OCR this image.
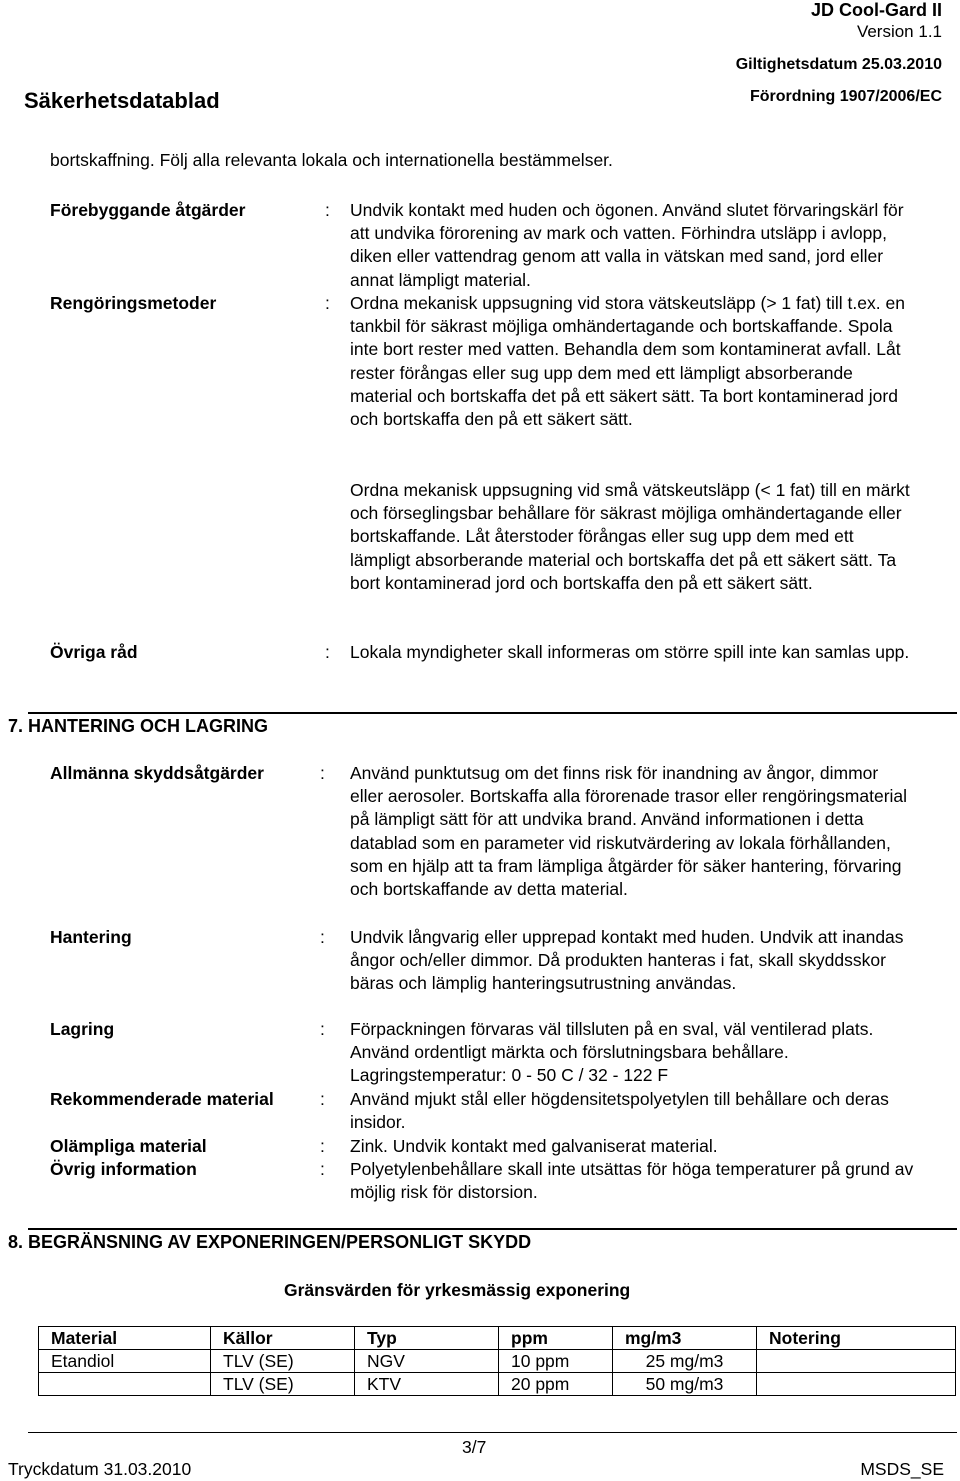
JD Cool-Gard II
Version 1.1
Giltighetsdatum 25.03.2010
Säkerhetsdatablad	Förordning 1907/2006/EC
bortskaffning. Följ alla relevanta lokala och internationella bestämmelser.
Förebyggande åtgärder	: Undvik kontakt med huden och ögonen. Använd slutet förvaringskärl för att undvika förorening av mark och vatten. Förhindra utsläpp i avlopp, diken eller vattendrag genom att valla in vätskan med sand, jord eller annat lämpligt material.
Rengöringsmetoder	: Ordna mekanisk uppsugning vid stora vätskeutsläpp (> 1 fat) till t.ex. en tankbil för säkrast möjliga omhändertagande och bortskaffande. Spola inte bort rester med vatten. Behandla dem som kontaminerat avfall. Låt rester förångas eller sug upp dem med ett lämpligt absorberande material och bortskaffa det på ett säkert sätt. Ta bort kontaminerad jord och bortskaffa den på ett säkert sätt.
Ordna mekanisk uppsugning vid små vätskeutsläpp (< 1 fat) till en märkt och förseglingsbar behållare för säkrast möjliga omhändertagande eller bortskaffande. Låt återstoder förångas eller sug upp dem med ett lämpligt absorberande material och bortskaffa det på ett säkert sätt. Ta bort kontaminerad jord och bortskaffa den på ett säkert sätt.
Övriga råd	: Lokala myndigheter skall informeras om större spill inte kan samlas upp.
7. HANTERING OCH LAGRING
Allmänna skyddsåtgärder	: Använd punktutsug om det finns risk för inandning av ångor, dimmor eller aerosoler. Bortskaffa alla förorenade trasor eller rengöringsmaterial på lämpligt sätt för att undvika brand. Använd informationen i detta datablad som en parameter vid riskutvärdering av lokala förhållanden, som en hjälp att ta fram lämpliga åtgärder för säker hantering, förvaring och bortskaffande av detta material.
Hantering	: Undvik långvarig eller upprepad kontakt med huden. Undvik att inandas ångor och/eller dimmor. Då produkten hanteras i fat, skall skyddsskor bäras och lämplig hanteringsutrustning användas.
Lagring	: Förpackningen förvaras väl tillsluten på en sval, väl ventilerad plats. Använd ordentligt märkta och förslutningsbara behållare. Lagringstemperatur: 0 - 50 C / 32 - 122 F
Rekommenderade material	: Använd mjukt stål eller högdensitetspolyetylen till behållare och deras insidor.
Olämpliga material	: Zink. Undvik kontakt med galvaniserat material.
Övrig information	: Polyetylenbehållare skall inte utsättas för höga temperaturer på grund av möjlig risk för distorsion.
8. BEGRÄNSNING AV EXPONERINGEN/PERSONLIGT SKYDD
Gränsvärden för yrkesmässig exponering
Material	Källor	Typ	ppm	mg/m3	Notering
Etandiol	TLV (SE)	NGV	10 ppm	25 mg/m3	
	TLV (SE)	KTV	20 ppm	50 mg/m3	
3/7
Tryckdatum 31.03.2010	MSDS_SE
